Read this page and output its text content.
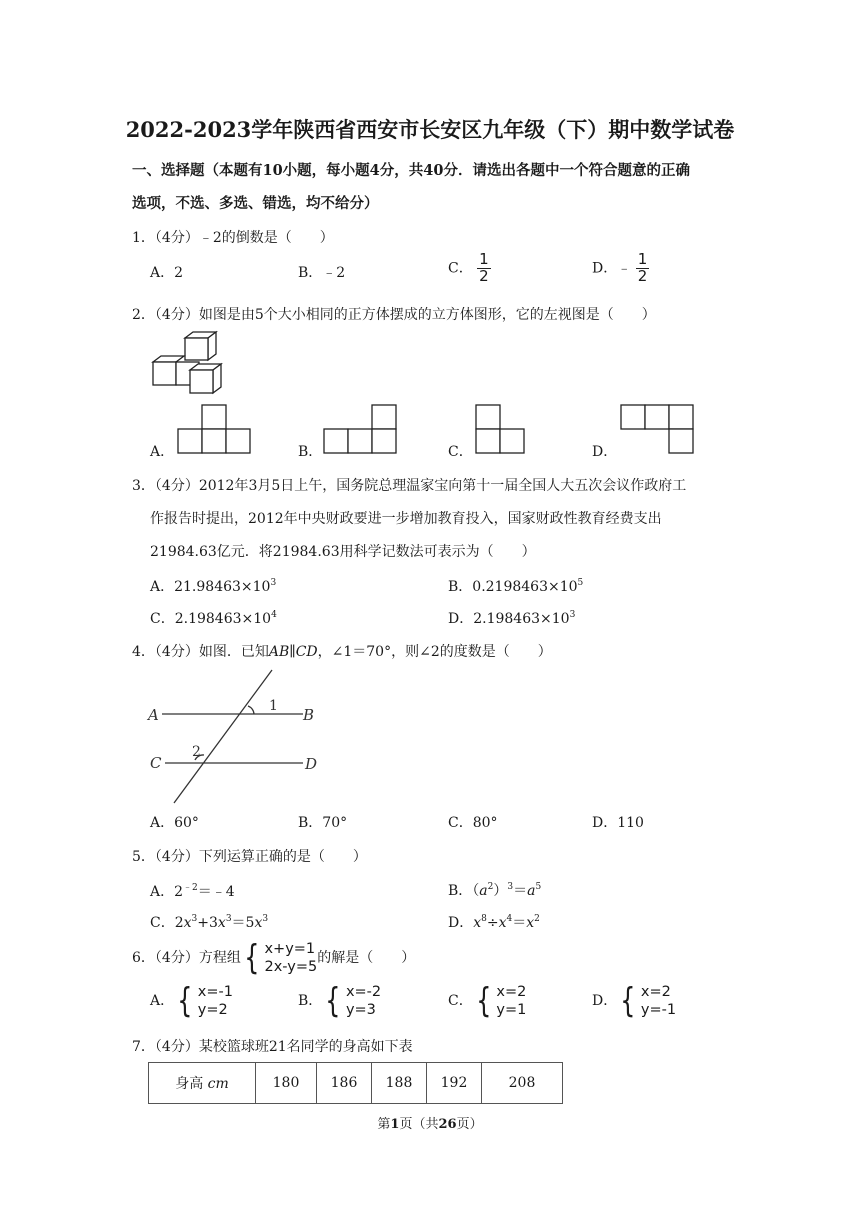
2022-2023学年陕西省西安市长安区九年级（下）期中数学试卷
一、选择题（本题有10小题，每小题4分，共40分．请选出各题中一个符合题意的正确
选项，不选、多选、错选，均不给分）
1．（4分）﹣2的倒数是（　　）
A．2	B．﹣2	C． $\frac{1}{2}$	D．﹣ $\frac{1}{2}$
2．（4分）如图是由5个大小相同的正方体摆成的立方体图形，它的左视图是（　　）
A．	B．	C．	D．
3．（4分）2012年3月5日上午，国务院总理温家宝向第十一届全国人大五次会议作政府工
作报告时提出，2012年中央财政要进一步增加教育投入，国家财政性教育经费支出
21984.63亿元．将21984.63用科学记数法可表示为（　　）
A．$21.98463\times 10^3$	B．$0.2198463\times 10^5$
C．$2.198463\times 10^4$	D．$2.198463\times 10^3$
4．（4分）如图．已知AB∥CD，∠1＝70°，则∠2的度数是（　　）
A	B
C	D
1
2
A．60°	B．70°	C．80°	D．110
5．（4分）下列运算正确的是（　　）
A．$2^{﹣2}=﹣4$	B．$(a^2)^3=a^5$
C．$2x^3+3x^3=5x^3$	D．$x^8\div x^4=x^2$
6．（4分）方程组 { x+y=1
2x-y=5
的解是（　　）
A． { x=-1
y=2
B． { x=-2
y=3
C． { x=2
y=1
D． { x=2
y=-1
7．（4分）某校篮球班21名同学的身高如下表
身高 cm	180	186	188	192	208
第1页（共26页）
